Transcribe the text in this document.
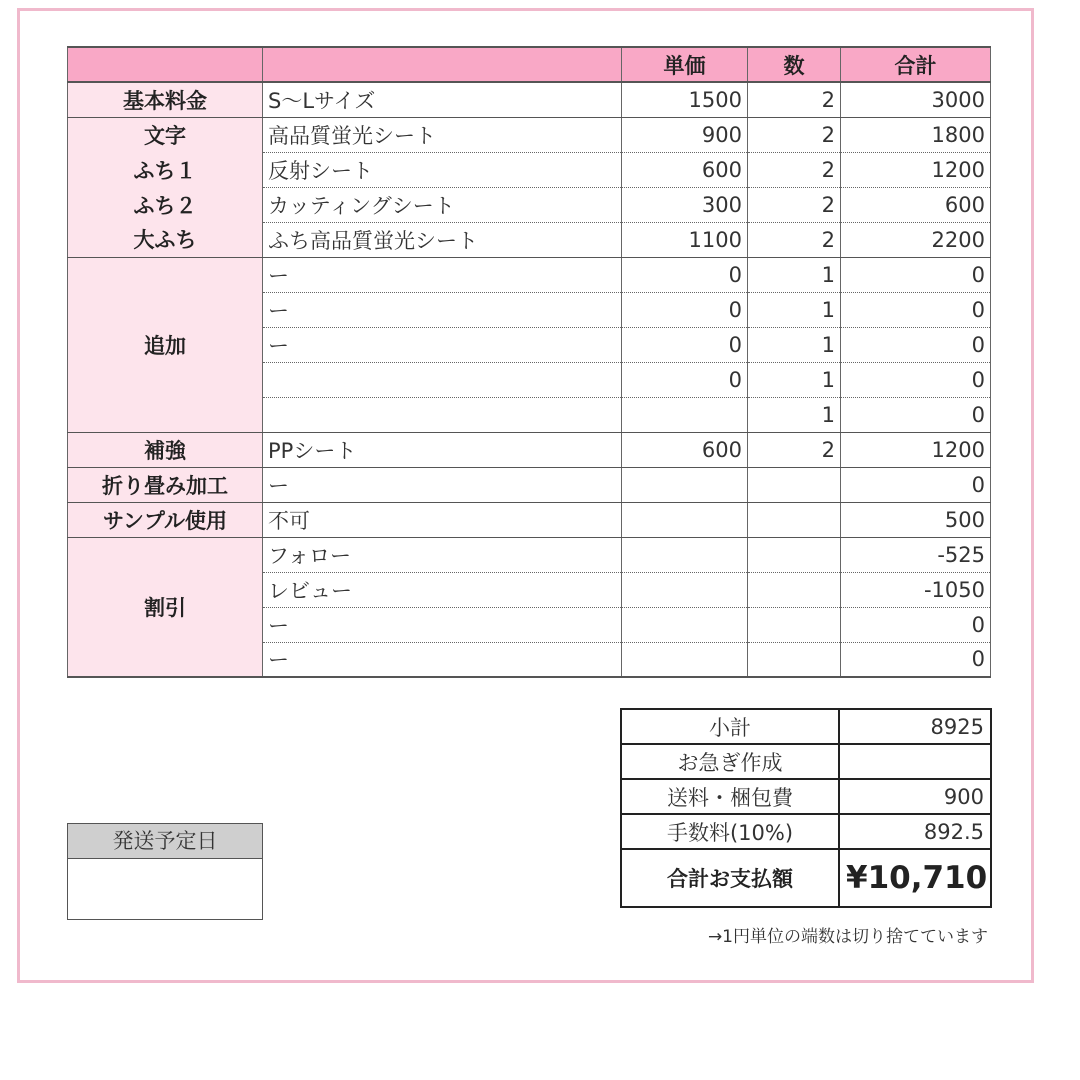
		単価	数	合計
基本料金	S～Lサイズ	1500	2	3000
文字	高品質蛍光シート	900	2	1800
ふち１	反射シート	600	2	1200
ふち２	カッティングシート	300	2	600
大ふち	ふち高品質蛍光シート	1100	2	2200
追加	ー	0	1	0
	ー	0	1	0
	ー	0	1	0
		0	1	0
			1	0
補強	PPシート	600	2	1200
折り畳み加工	ー			0
サンプル使用	不可			500
割引	フォロー			-525
	レビュー			-1050
	ー			0
	ー			0
小計	8925
お急ぎ作成	
送料・梱包費	900
手数料(10%)	892.5
合計お支払額	¥10,710
→1円単位の端数は切り捨てています
発送予定日
